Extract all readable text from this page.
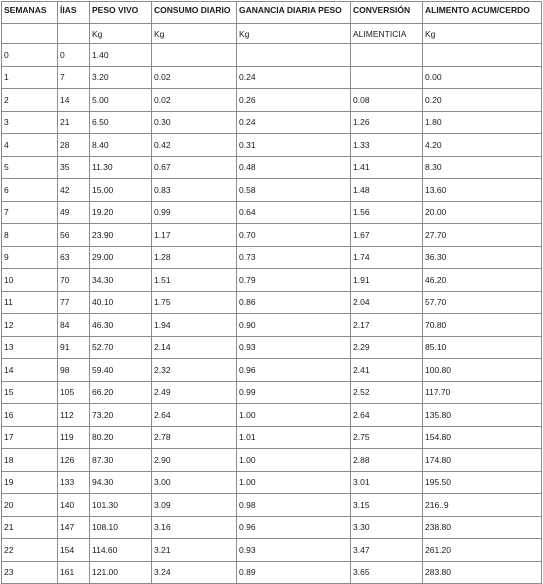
SEMANAS	ÍIAS	PESO VIVO	CONSUMO DIARIO	GANANCIA DIARIA PESO	CONVERSIÓN	ALIMENTO ACUM/CERDO
		Kg	Kg	Kg	ALIMENTICIA	Kg
0	0	1.40				
1	7	3.20	0.02	0.24		0.00
2	14	5.00	0.02	0.26	0.08	0.20
3	21	6.50	0.30	0.24	1.26	1.80
4	28	8.40	0.42	0.31	1.33	4.20
5	35	11.30	0.67	0.48	1.41	8.30
6	42	15.00	0.83	0.58	1.48	13.60
7	49	19.20	0.99	0.64	1.56	20.00
8	56	23.90	1.17	0.70	1.67	27.70
9	63	29.00	1.28	0.73	1.74	36.30
10	70	34.30	1.51	0.79	1.91	46.20
11	77	40.10	1.75	0.86	2.04	57.70
12	84	46.30	1.94	0.90	2.17	70.80
13	91	52.70	2.14	0.93	2.29	85.10
14	98	59.40	2.32	0.96	2.41	100.80
15	105	66.20	2.49	0.99	2.52	117.70
16	112	73.20	2.64	1.00	2.64	135.80
17	119	80.20	2.78	1.01	2.75	154.80
18	126	87.30	2.90	1.00	2.88	174.80
19	133	94.30	3.00	1.00	3.01	195.50
20	140	101.30	3.09	0.98	3.15	216..9
21	147	108.10	3.16	0.96	3.30	238.80
22	154	114.60	3.21	0.93	3.47	261.20
23	161	121.00	3.24	0.89	3.65	283.80
